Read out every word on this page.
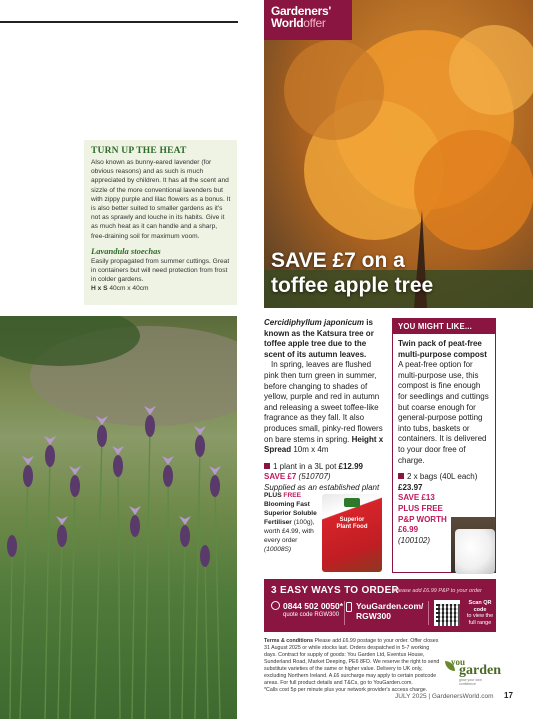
TURN UP THE HEAT
Also known as bunny-eared lavender (for obvious reasons) and as such is much appreciated by children. It has all the scent and sizzle of the more conventional lavenders but with zippy purple and lilac flowers as a bonus. It is also better suited to smaller gardens as it's not as sprawly and louche in its habits. Give it as much heat as it can handle and a sharp, free-draining soil for maximum voom.
Lavandula stoechas
Easily propagated from summer cuttings. Great in containers but will need protection from frost in colder gardens.
H x S 40cm x 40cm
Gardeners'
Worldoffer
SAVE £7 on a
toffee apple tree
Cercidiphyllum japonicum is known as the Katsura tree or toffee apple tree due to the scent of its autumn leaves.
In spring, leaves are flushed pink then turn green in summer, before changing to shades of yellow, purple and red in autumn and releasing a sweet toffee-like fragrance as they fall. It also produces small, pinky-red flowers on bare stems in spring. Height x Spread 10m x 4m
1 plant in a 3L pot £12.99
SAVE £7 (510707)
Supplied as an established plant
PLUS FREE Blooming Fast Superior Soluble Fertiliser (100g), worth £4.99, with every order
(10008S)
Superior Plant Food
YOU MIGHT LIKE...
Twin pack of peat-free multi-purpose compost
A peat-free option for multi-purpose use, this compost is fine enough for seedlings and cuttings but coarse enough for general-purpose potting into tubs, baskets or containers. It is delivered to your door free of charge.
2 x bags (40L each)
£23.97
SAVE £13
PLUS FREE P&P WORTH
£6.99
(100102)
3 EASY WAYS TO ORDER
Please add £6.99 P&P to your order
0844 502 0050*
quote code RGW300
YouGarden.com/
RGW300
Scan QR
code
to view the full range
Terms & conditions Please add £6.99 postage to your order. Offer closes 31 August 2025 or while stocks last. Orders despatched in 5-7 working days. Contract for supply of goods: You Garden Ltd, Eventus House, Sunderland Road, Market Deeping, PE6 8FD. We reserve the right to send substitute varieties of the same or higher value. Delivery to UK only, excluding Northern Ireland. A £6 surcharge may apply to certain postcode areas. For full product details and T&Cs, go to YouGarden.com.
*Calls cost 5p per minute plus your network provider's access charge.
you
garden
grow your own confidence
JULY 2025 | GardenersWorld.com 17
